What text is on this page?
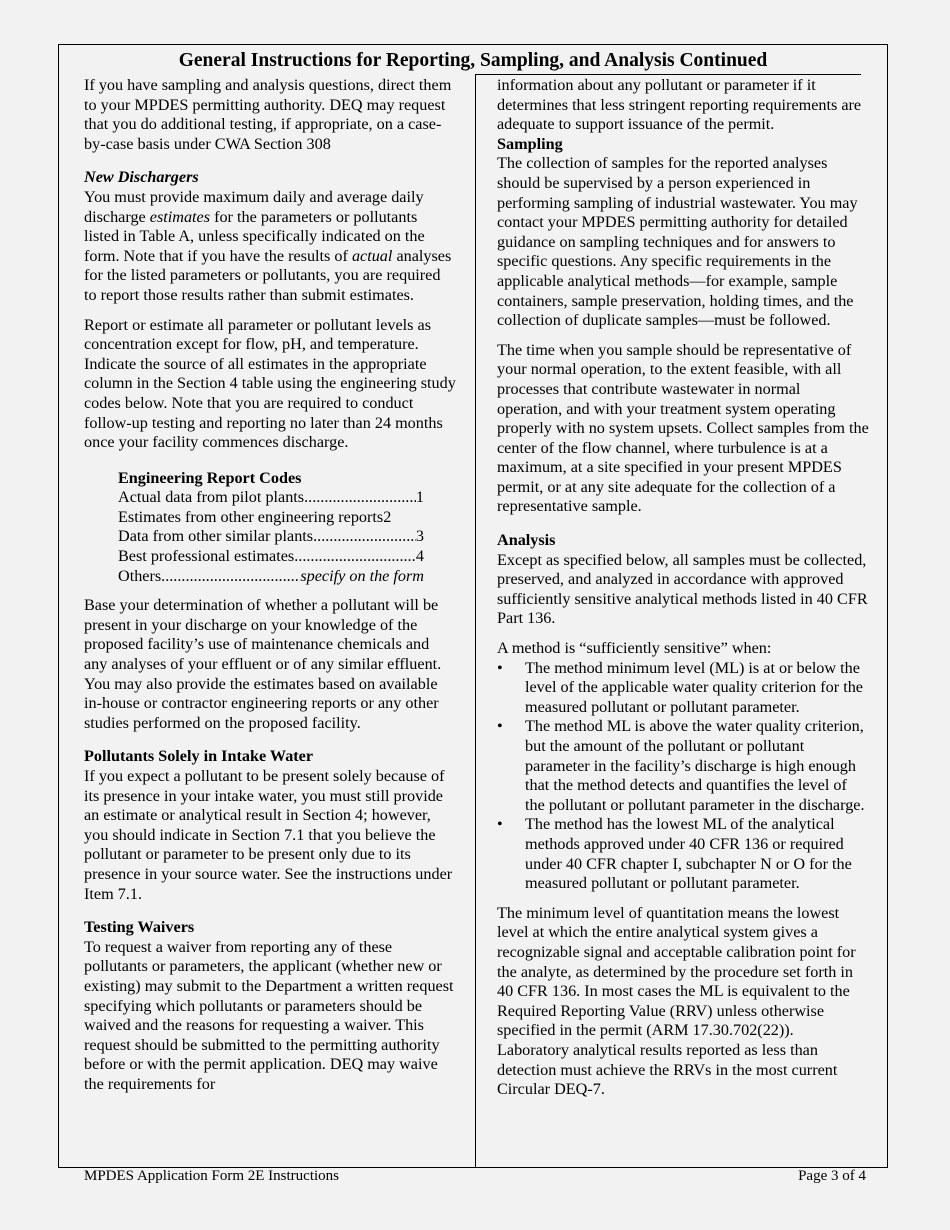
General Instructions for Reporting, Sampling, and Analysis Continued

If you have sampling and analysis questions, direct them to your MPDES permitting authority. DEQ may request that you do additional testing, if appropriate, on a case-by-case basis under CWA Section 308

New Dischargers

You must provide maximum daily and average daily discharge estimates for the parameters or pollutants listed in Table A, unless specifically indicated on the form. Note that if you have the results of actual analyses for the listed parameters or pollutants, you are required to report those results rather than submit estimates.

Report or estimate all parameter or pollutant levels as concentration except for flow, pH, and temperature. Indicate the source of all estimates in the appropriate column in the Section 4 table using the engineering study codes below. Note that you are required to conduct follow-up testing and reporting no later than 24 months once your facility commences discharge.

Engineering Report Codes
Actual data from pilot plants .....	1
Estimates from other engineering reports 2
Data from other similar plants .....	3
Best professional estimates .....	4
Others .....	specify on the form

Base your determination of whether a pollutant will be present in your discharge on your knowledge of the proposed facility’s use of maintenance chemicals and any analyses of your effluent or of any similar effluent. You may also provide the estimates based on available in-house or contractor engineering reports or any other studies performed on the proposed facility.

Pollutants Solely in Intake Water

If you expect a pollutant to be present solely because of its presence in your intake water, you must still provide an estimate or analytical result in Section 4; however, you should indicate in Section 7.1 that you believe the pollutant or parameter to be present only due to its presence in your source water. See the instructions under Item 7.1.

Testing Waivers

To request a waiver from reporting any of these pollutants or parameters, the applicant (whether new or existing) may submit to the Department a written request specifying which pollutants or parameters should be waived and the reasons for requesting a waiver. This request should be submitted to the permitting authority before or with the permit application. DEQ may waive the requirements for

information about any pollutant or parameter if it determines that less stringent reporting requirements are adequate to support issuance of the permit.

Sampling

The collection of samples for the reported analyses should be supervised by a person experienced in performing sampling of industrial wastewater. You may contact your MPDES permitting authority for detailed guidance on sampling techniques and for answers to specific questions. Any specific requirements in the applicable analytical methods—for example, sample containers, sample preservation, holding times, and the collection of duplicate samples—must be followed.

The time when you sample should be representative of your normal operation, to the extent feasible, with all processes that contribute wastewater in normal operation, and with your treatment system operating properly with no system upsets. Collect samples from the center of the flow channel, where turbulence is at a maximum, at a site specified in your present MPDES permit, or at any site adequate for the collection of a representative sample.

Analysis

Except as specified below, all samples must be collected, preserved, and analyzed in accordance with approved sufficiently sensitive analytical methods listed in 40 CFR Part 136.

A method is “sufficiently sensitive” when:

•	The method minimum level (ML) is at or below the level of the applicable water quality criterion for the measured pollutant or pollutant parameter.
•	The method ML is above the water quality criterion, but the amount of the pollutant or pollutant parameter in the facility’s discharge is high enough that the method detects and quantifies the level of the pollutant or pollutant parameter in the discharge.
•	The method has the lowest ML of the analytical methods approved under 40 CFR 136 or required under 40 CFR chapter I, subchapter N or O for the measured pollutant or pollutant parameter.

The minimum level of quantitation means the lowest level at which the entire analytical system gives a recognizable signal and acceptable calibration point for the analyte, as determined by the procedure set forth in 40 CFR 136. In most cases the ML is equivalent to the Required Reporting Value (RRV) unless otherwise specified in the permit (ARM 17.30.702(22)). Laboratory analytical results reported as less than detection must achieve the RRVs in the most current Circular DEQ-7.

MPDES Application Form 2E Instructions	Page 3 of 4
